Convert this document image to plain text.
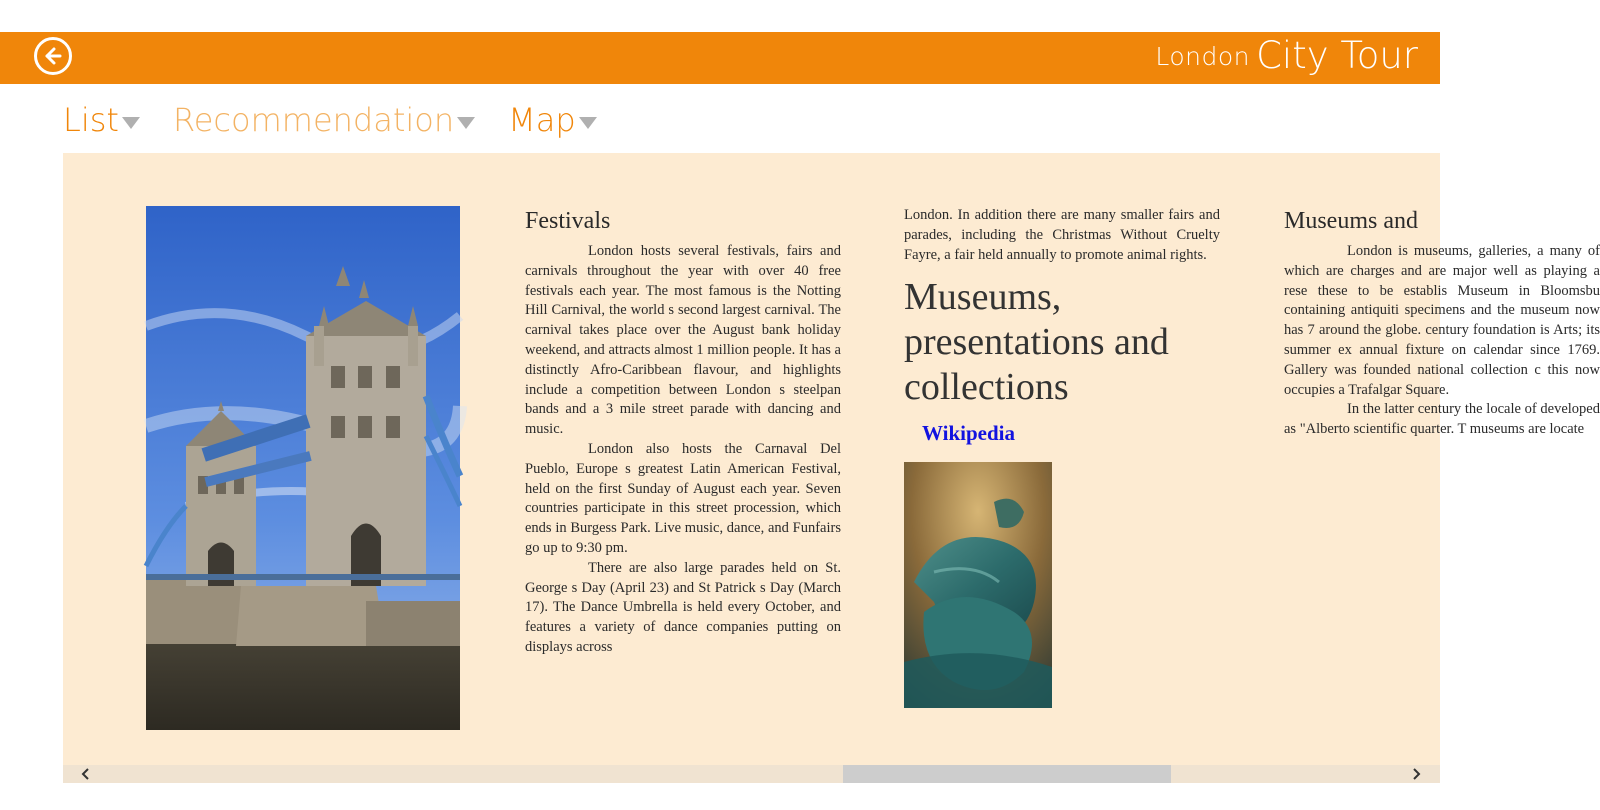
London City Tour
List Recommendation Map
Festivals

London hosts several festivals, fairs and carnivals throughout the year with over 40 free festivals each year. The most famous is the Notting Hill Carnival, the world s second largest carnival. The carnival takes place over the August bank holiday weekend, and attracts almost 1 million people. It has a distinctly Afro-Caribbean flavour, and highlights include a competition between London s steelpan bands and a 3 mile street parade with dancing and music.

London also hosts the Carnaval Del Pueblo, Europe s greatest Latin American Festival, held on the first Sunday of August each year. Seven countries participate in this street procession, which ends in Burgess Park. Live music, dance, and Funfairs go up to 9:30 pm.

There are also large parades held on St. George s Day (April 23) and St Patrick s Day (March 17). The Dance Umbrella is held every October, and features a variety of dance companies putting on displays across

London. In addition there are many smaller fairs and parades, including the Christmas Without Cruelty Fayre, a fair held annually to promote animal rights.

Museums, presentations and collections
Wikipedia
Museums and

London is museums, galleries, a many of which are charges and are major well as playing a rese these to be establis Museum in Bloomsbu containing antiquiti specimens and the museum now has 7 around the globe. century foundation is Arts; its summer ex annual fixture on calendar since 1769. Gallery was founded national collection c this now occupies a Trafalgar Square.

In the latter century the locale of developed as "Alberto scientific quarter. T museums are locate
